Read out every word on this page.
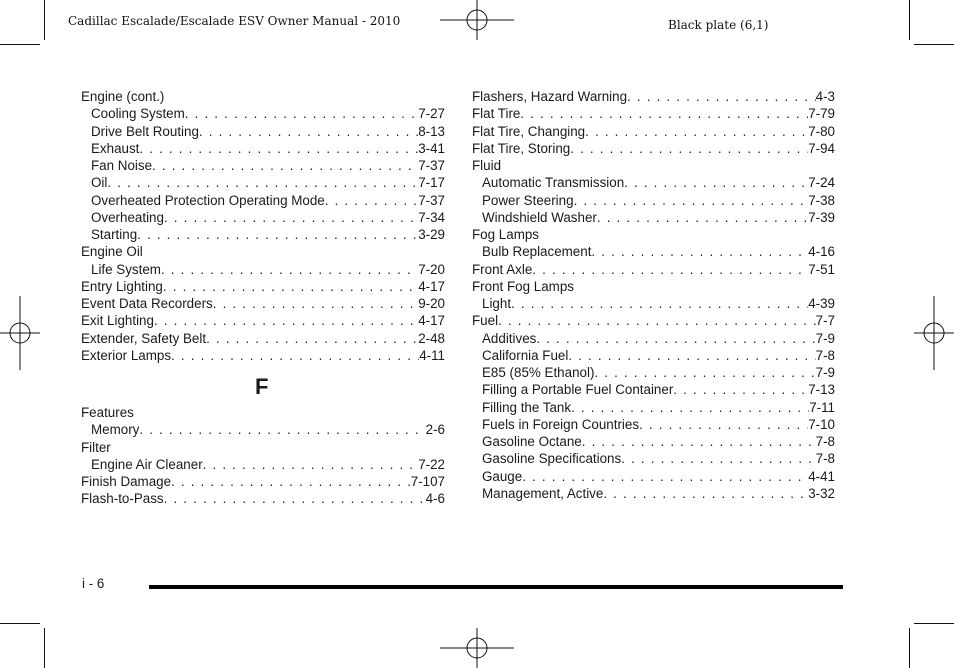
Cadillac Escalade/Escalade ESV Owner Manual - 2010	Black plate (6,1)
Engine (cont.)
Cooling System . . .	7-27
Drive Belt Routing . . .	8-13
Exhaust . . .	3-41
Fan Noise . . .	7-37
Oil . . .	7-17
Overheated Protection Operating Mode . . .	7-37
Overheating . . .	7-34
Starting . . .	3-29
Engine Oil
Life System . . .	7-20
Entry Lighting . . .	4-17
Event Data Recorders . . .	9-20
Exit Lighting . . .	4-17
Extender, Safety Belt . . .	2-48
Exterior Lamps . . .	4-11
F
Features
Memory . . .	2-6
Filter
Engine Air Cleaner . . .	7-22
Finish Damage . . .	7-107
Flash-to-Pass . . .	4-6
Flashers, Hazard Warning . . .	4-3
Flat Tire . . .	7-79
Flat Tire, Changing . . .	7-80
Flat Tire, Storing . . .	7-94
Fluid
Automatic Transmission . . .	7-24
Power Steering . . .	7-38
Windshield Washer . . .	7-39
Fog Lamps
Bulb Replacement . . .	4-16
Front Axle . . .	7-51
Front Fog Lamps
Light . . .	4-39
Fuel . . .	7-7
Additives . . .	7-9
California Fuel . . .	7-8
E85 (85% Ethanol) . . .	7-9
Filling a Portable Fuel Container . . .	7-13
Filling the Tank . . .	7-11
Fuels in Foreign Countries . . .	7-10
Gasoline Octane . . .	7-8
Gasoline Specifications . . .	7-8
Gauge . . .	4-41
Management, Active . . .	3-32
i - 6
